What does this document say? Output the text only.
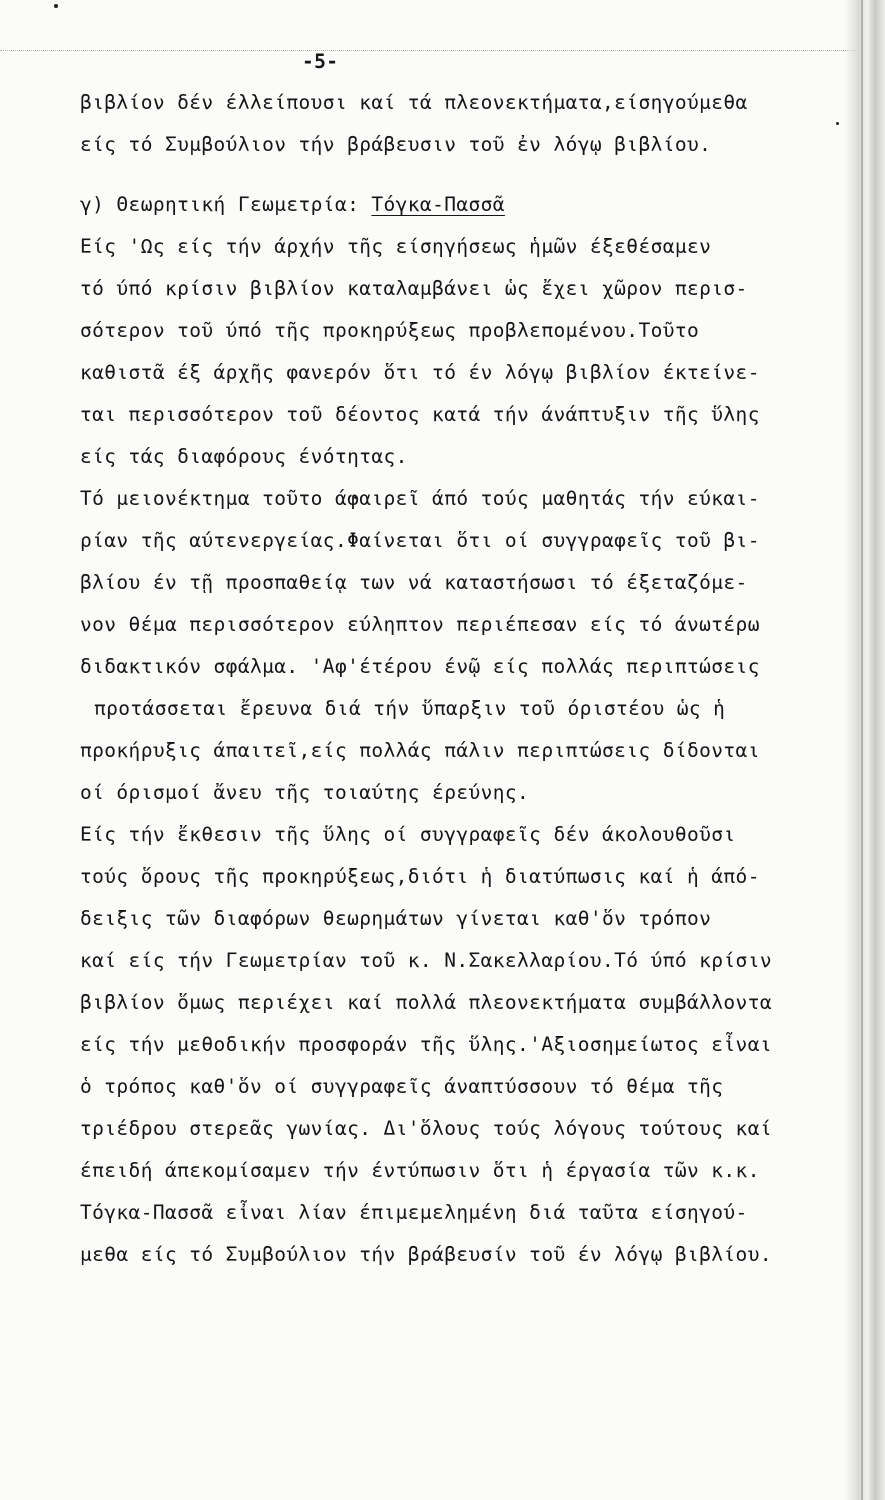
-5-
βιβλίον δέν έλλείπουσι καί τά πλεονεκτήματα,είσηγούμεθα
είς τό Συμβούλιον τήν βράβευσιν τοῦ ἐν λόγῳ βιβλίου.
γ) Θεωρητική Γεωμετρία: Τόγκα-Πασσᾶ
Είς 'Ως είς τήν άρχήν τῆς είσηγήσεως ἡμῶν έξεθέσαμεν
τό ύπό κρίσιν βιβλίον καταλαμβάνει ὡς ἔχει χῶρον περισ-
σότερον τοῦ ύπό τῆς προκηρύξεως προβλεπομένου.Τοῦτο
καθιστᾶ έξ άρχῆς φανερόν ὅτι τό έν λόγῳ βιβλίον έκτείνε-
ται περισσότερον τοῦ δέοντος κατά τήν άνάπτυξιν τῆς ὕλης
είς τάς διαφόρους ένότητας.
Τό μειονέκτημα τοῦτο άφαιρεῖ άπό τούς μαθητάς τήν εύκαι-
ρίαν τῆς αύτενεργείας.Φαίνεται ὅτι οί συγγραφεῖς τοῦ βι-
βλίου έν τῇ προσπαθείᾳ των νά καταστήσωσι τό έξεταζόμε-
νον θέμα περισσότερον εύληπτον περιέπεσαν είς τό άνωτέρω
διδακτικόν σφάλμα. 'Αφ'έτέρου ένῷ είς πολλάς περιπτώσεις
προτάσσεται ἔρευνα διά τήν ὕπαρξιν τοῦ όριστέου ὡς ἡ
προκήρυξις άπαιτεῖ,είς πολλάς πάλιν περιπτώσεις δίδονται
οί όρισμοί ἄνευ τῆς τοιαύτης έρεύνης.
Είς τήν ἔκθεσιν τῆς ὕλης οί συγγραφεῖς δέν άκολουθοῦσι
τούς ὅρους τῆς προκηρύξεως,διότι ἡ διατύπωσις καί ἡ άπό-
δειξις τῶν διαφόρων θεωρημάτων γίνεται καθ'ὅν τρόπον
καί είς τήν Γεωμετρίαν τοῦ κ. Ν.Σακελλαρίου.Τό ύπό κρίσιν
βιβλίον ὅμως περιέχει καί πολλά πλεονεκτήματα συμβάλλοντα
είς τήν μεθοδικήν προσφοράν τῆς ὕλης.'Αξιοσημείωτος εἶναι
ὁ τρόπος καθ'ὅν οί συγγραφεῖς άναπτύσσουν τό θέμα τῆς
τριέδρου στερεᾶς γωνίας. Δι'ὅλους τούς λόγους τούτους καί
έπειδή άπεκομίσαμεν τήν έντύπωσιν ὅτι ἡ έργασία τῶν κ.κ.
Τόγκα-Πασσᾶ εἶναι λίαν έπιμεμελημένη διά ταῦτα είσηγού-
μεθα είς τό Συμβούλιον τήν βράβευσίν τοῦ έν λόγῳ βιβλίου.
